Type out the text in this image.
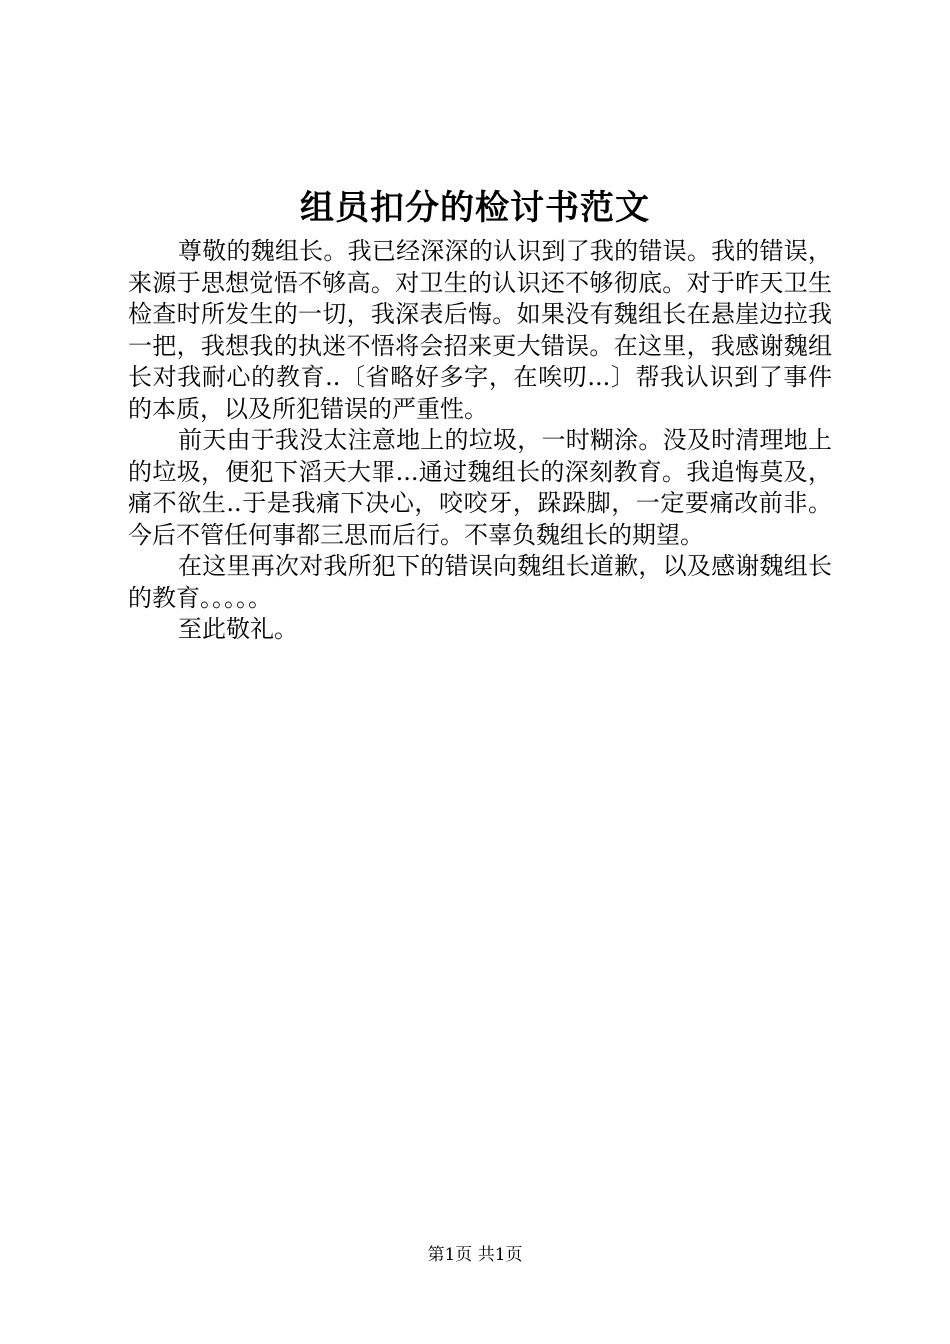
组员扣分的检讨书范文

尊敬的魏组长。我已经深深的认识到了我的错误。我的错误，来源于思想觉悟不够高。对卫生的认识还不够彻底。对于昨天卫生检查时所发生的一切，我深表后悔。如果没有魏组长在悬崖边拉我一把，我想我的执迷不悟将会招来更大错误。在这里，我感谢魏组长对我耐心的教育..〔省略好多字，在唉叨...〕帮我认识到了事件的本质，以及所犯错误的严重性。

前天由于我没太注意地上的垃圾，一时糊涂。没及时清理地上的垃圾，便犯下滔天大罪...通过魏组长的深刻教育。我追悔莫及，痛不欲生..于是我痛下决心，咬咬牙，跺跺脚，一定要痛改前非。今后不管任何事都三思而后行。不辜负魏组长的期望。

在这里再次对我所犯下的错误向魏组长道歉，以及感谢魏组长的教育。。。。。

至此敬礼。

第1页 共1页
